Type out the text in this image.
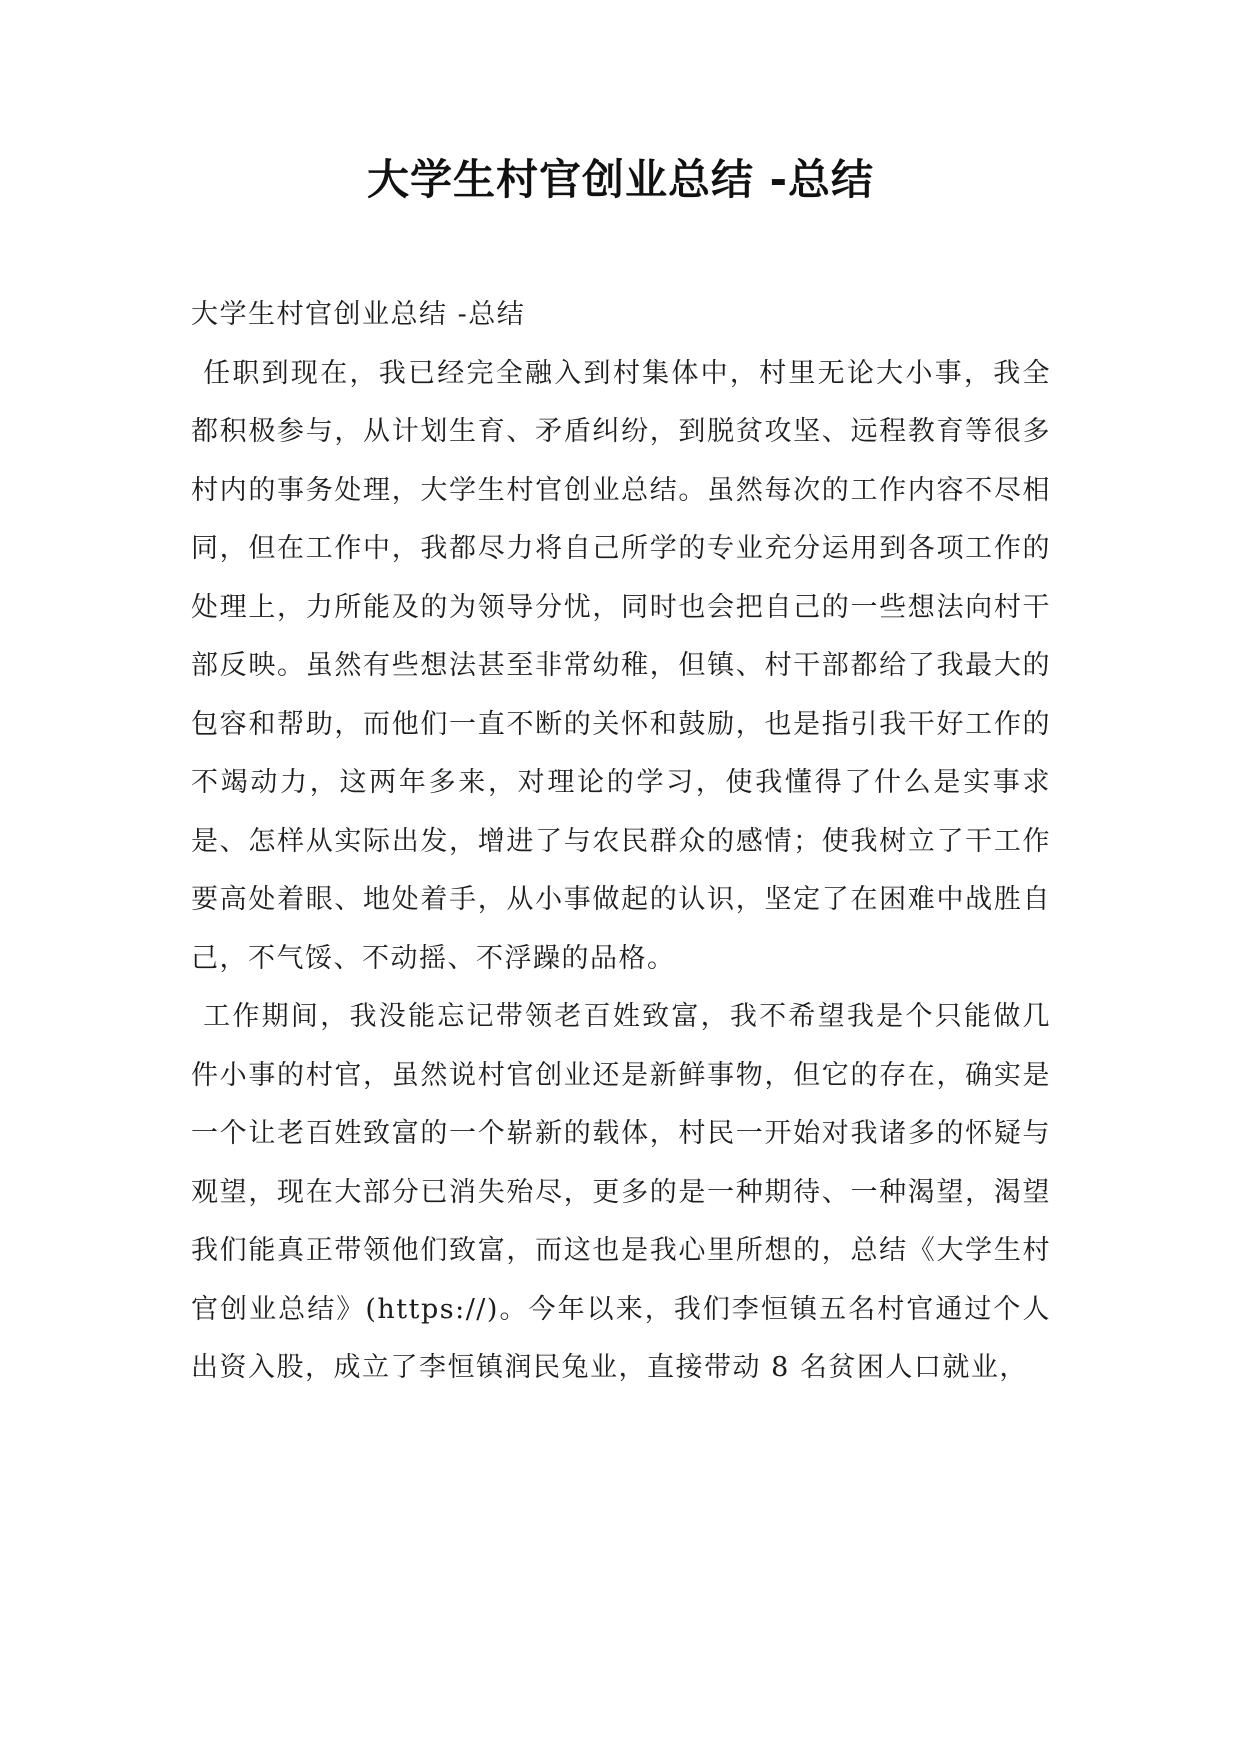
大学生村官创业总结 -总结

大学生村官创业总结 -总结

任职到现在，我已经完全融入到村集体中，村里无论大小事，我全都积极参与，从计划生育、矛盾纠纷，到脱贫攻坚、远程教育等很多村内的事务处理，大学生村官创业总结。虽然每次的工作内容不尽相同，但在工作中，我都尽力将自己所学的专业充分运用到各项工作的处理上，力所能及的为领导分忧，同时也会把自己的一些想法向村干部反映。虽然有些想法甚至非常幼稚，但镇、村干部都给了我最大的包容和帮助，而他们一直不断的关怀和鼓励，也是指引我干好工作的不竭动力，这两年多来，对理论的学习，使我懂得了什么是实事求是、怎样从实际出发，增进了与农民群众的感情；使我树立了干工作要高处着眼、地处着手，从小事做起的认识，坚定了在困难中战胜自己，不气馁、不动摇、不浮躁的品格。

工作期间，我没能忘记带领老百姓致富，我不希望我是个只能做几件小事的村官，虽然说村官创业还是新鲜事物，但它的存在，确实是一个让老百姓致富的一个崭新的载体，村民一开始对我诸多的怀疑与观望，现在大部分已消失殆尽，更多的是一种期待、一种渴望，渴望我们能真正带领他们致富，而这也是我心里所想的，总结《大学生村官创业总结》(https://)。今年以来，我们李恒镇五名村官通过个人出资入股，成立了李恒镇润民兔业，直接带动 8 名贫困人口就业，
